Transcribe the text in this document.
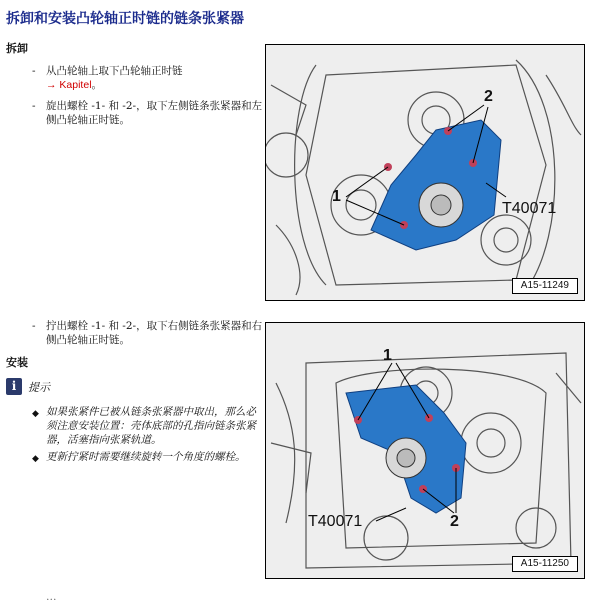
拆卸和安装凸轮轴正时链的链条张紧器
拆卸
- 从凸轮轴上取下凸轮轴正时链
→ Kapitel。
- 旋出螺栓 -1- 和 -2-，取下左侧链条张紧器和左侧凸轮轴正时链。
- 拧出螺栓 -1- 和 -2-，取下右侧链条张紧器和右侧凸轮轴正时链。
安装
i	提示
◆ 如果张紧件已被从链条张紧器中取出，那么必须注意安装位置：壳体底部的孔指向链条张紧器，活塞指向张紧轨道。
◆ 更新拧紧时需要继续旋转一个角度的螺栓。
2
1
T40071
A15-11249
1
2
T40071
A15-11250
…
